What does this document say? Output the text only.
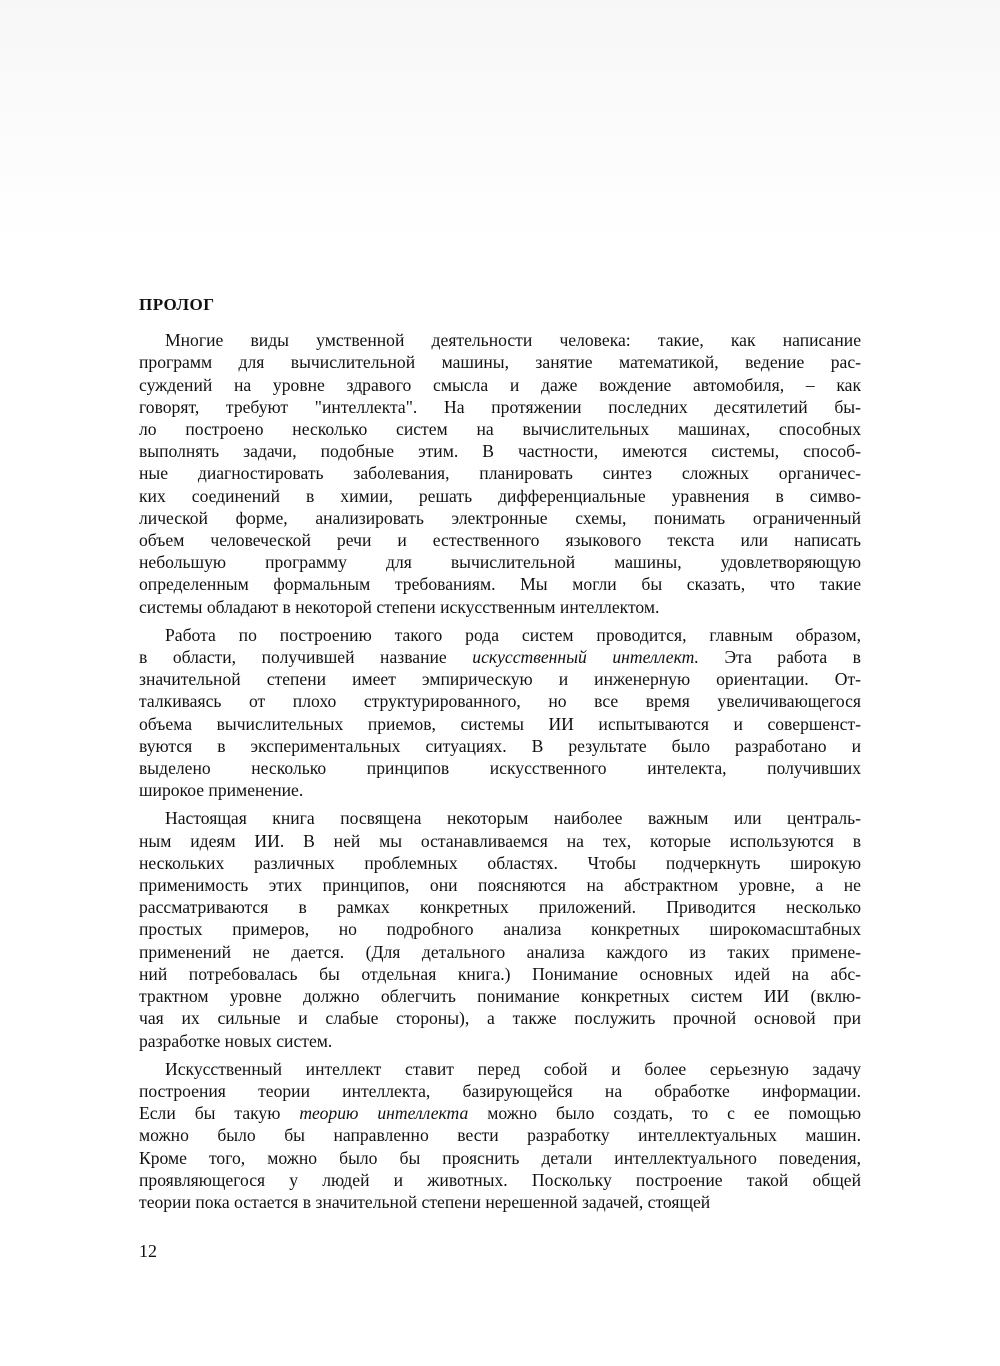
ПРОЛОГ
Многие виды умственной деятельности человека: такие, как написание
программ для вычислительной машины, занятие математикой, ведение рас-
суждений на уровне здравого смысла и даже вождение автомобиля, – как
говорят, требуют "интеллекта". На протяжении последних десятилетий бы-
ло построено несколько систем на вычислительных машинах, способных
выполнять задачи, подобные этим. В частности, имеются системы, способ-
ные диагностировать заболевания, планировать синтез сложных органичес-
ких соединений в химии, решать дифференциальные уравнения в симво-
лической форме, анализировать электронные схемы, понимать ограниченный
объем человеческой речи и естественного языкового текста или написать
небольшую программу для вычислительной машины, удовлетворяющую
определенным формальным требованиям. Мы могли бы сказать, что такие
системы обладают в некоторой степени искусственным интеллектом.
Работа по построению такого рода систем проводится, главным образом,
в области, получившей название искусственный интеллект. Эта работа в
значительной степени имеет эмпирическую и инженерную ориентации. От-
талкиваясь от плохо структурированного, но все время увеличивающегося
объема вычислительных приемов, системы ИИ испытываются и совершенст-
вуются в экспериментальных ситуациях. В результате было разработано и
выделено несколько принципов искусственного интелекта, получивших
широкое применение.
Настоящая книга посвящена некоторым наиболее важным или централь-
ным идеям ИИ. В ней мы останавливаемся на тех, которые используются в
нескольких различных проблемных областях. Чтобы подчеркнуть широкую
применимость этих принципов, они поясняются на абстрактном уровне, а не
рассматриваются в рамках конкретных приложений. Приводится несколько
простых примеров, но подробного анализа конкретных широкомасштабных
применений не дается. (Для детального анализа каждого из таких примене-
ний потребовалась бы отдельная книга.) Понимание основных идей на абс-
трактном уровне должно облегчить понимание конкретных систем ИИ (вклю-
чая их сильные и слабые стороны), а также послужить прочной основой при
разработке новых систем.
Искусственный интеллект ставит перед собой и более серьезную задачу
построения теории интеллекта, базирующейся на обработке информации.
Если бы такую теорию интеллекта можно было создать, то с ее помощью
можно было бы направленно вести разработку интеллектуальных машин.
Кроме того, можно было бы прояснить детали интеллектуального поведения,
проявляющегося у людей и животных. Поскольку построение такой общей
теории пока остается в значительной степени нерешенной задачей, стоящей
12
